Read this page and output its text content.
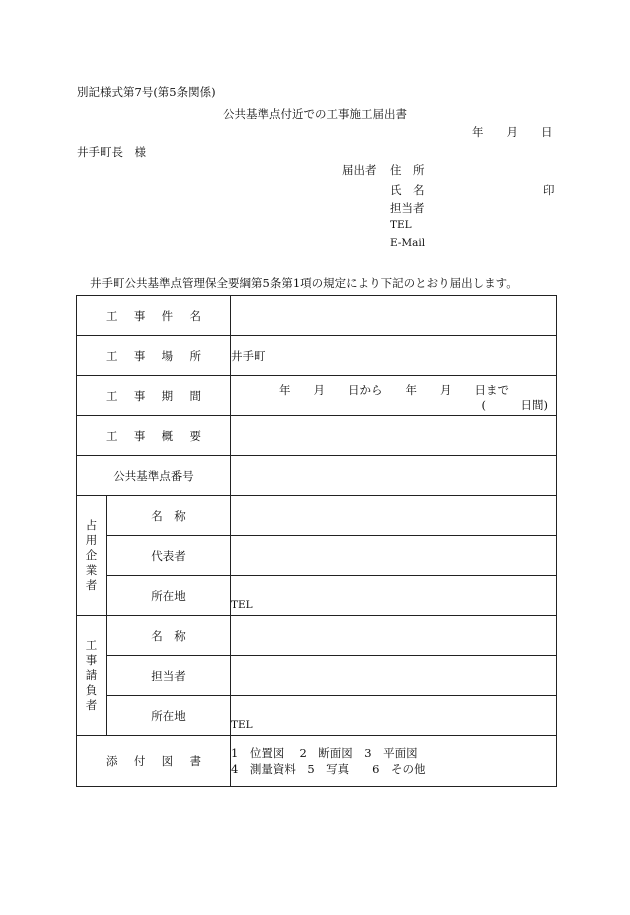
別記様式第7号(第5条関係)
公共基準点付近での工事施工届出書
年　　月　　日
井手町長　様
届出者 住　所
氏　名	印
担当者
TEL
E-Mail
井手町公共基準点管理保全要綱第5条第1項の規定により下記のとおり届出します。
工 事 件 名		
工 事 場 所		井手町
工 事 期 間		年　　月　　日から　　年　　月　　日まで
(　　　日間)

工 事 概 要		
公共基準点番号		

占
用
企
業
者	名　称	
	代表者	
	所在地	TEL

工
事
請
負
者	名　称	
	担当者	
	所在地	TEL

添 付 図 書		1　位置図　 2　断面図　3　平面図
4　測量資料　5　写真　　6　その他
